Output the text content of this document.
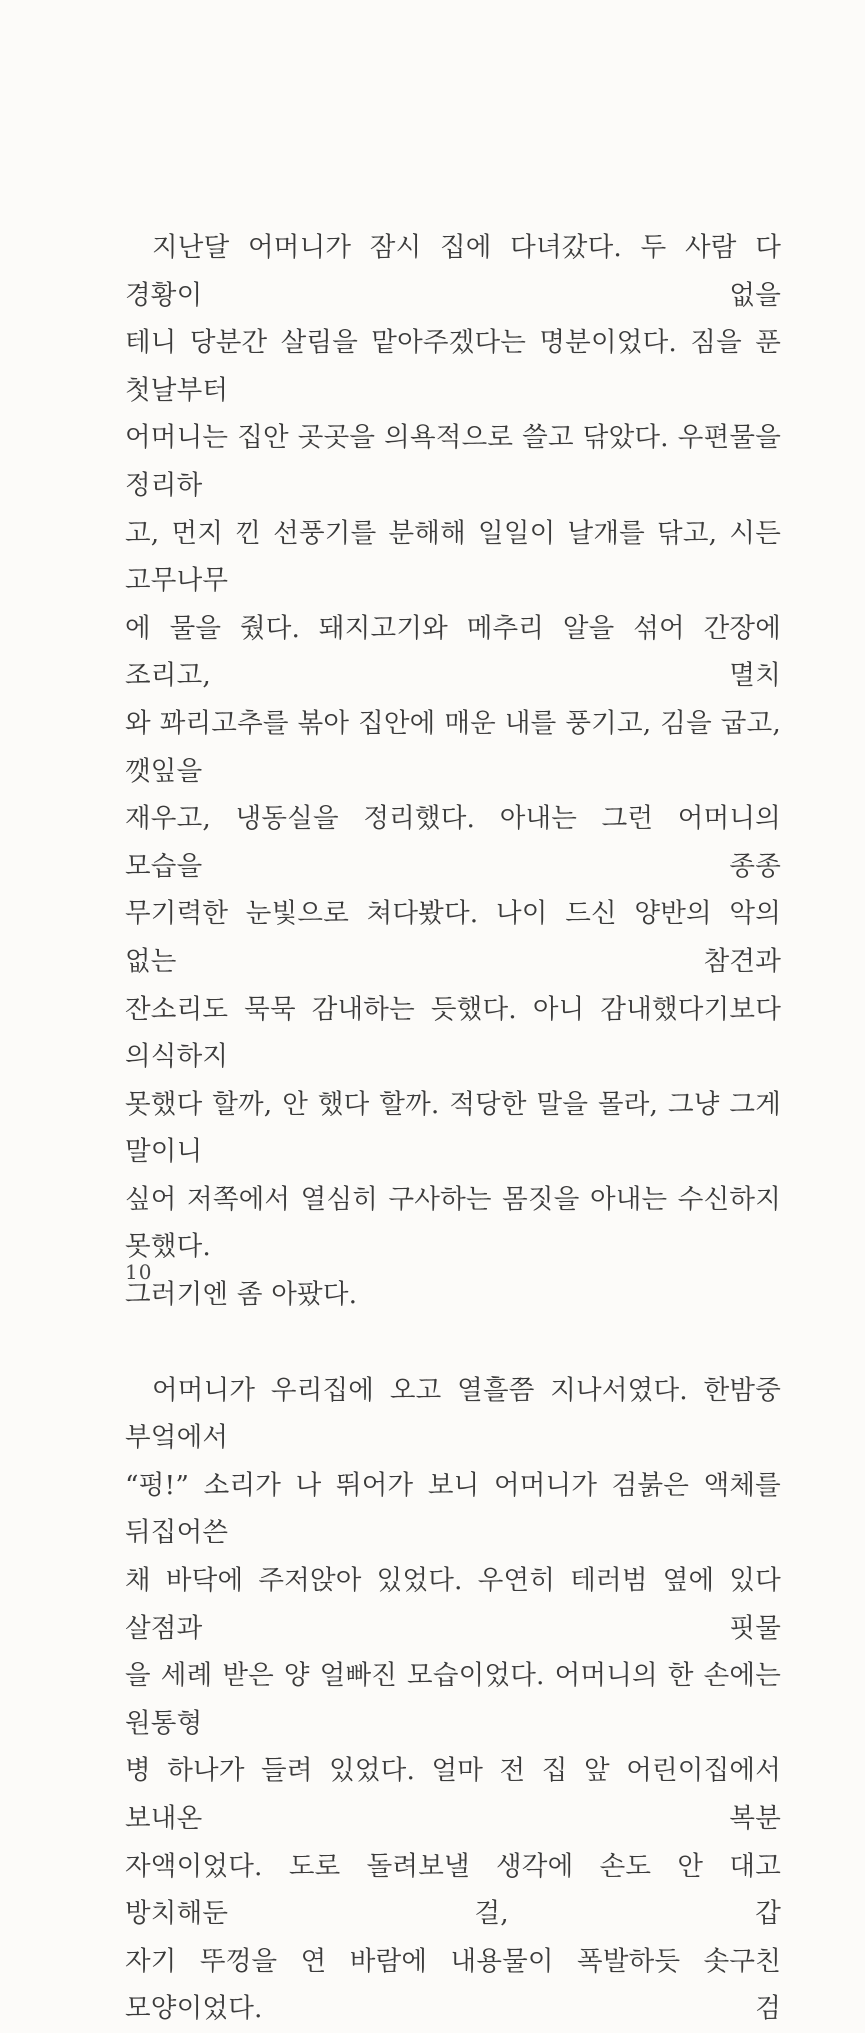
지난달 어머니가 잠시 집에 다녀갔다. 두 사람 다 경황이 없을
테니 당분간 살림을 맡아주겠다는 명분이었다. 짐을 푼 첫날부터
어머니는 집안 곳곳을 의욕적으로 쓸고 닦았다. 우편물을 정리하
고, 먼지 낀 선풍기를 분해해 일일이 날개를 닦고, 시든 고무나무
에 물을 줬다. 돼지고기와 메추리 알을 섞어 간장에 조리고, 멸치
와 꽈리고추를 볶아 집안에 매운 내를 풍기고, 김을 굽고, 깻잎을
재우고, 냉동실을 정리했다. 아내는 그런 어머니의 모습을 종종
무기력한 눈빛으로 쳐다봤다. 나이 드신 양반의 악의 없는 참견과
잔소리도 묵묵 감내하는 듯했다. 아니 감내했다기보다 의식하지
못했다 할까, 안 했다 할까. 적당한 말을 몰라, 그냥 그게 말이니
싶어 저쪽에서 열심히 구사하는 몸짓을 아내는 수신하지 못했다.
그러기엔 좀 아팠다.
어머니가 우리집에 오고 열흘쯤 지나서였다. 한밤중 부엌에서
“펑!” 소리가 나 뛰어가 보니 어머니가 검붉은 액체를 뒤집어쓴
채 바닥에 주저앉아 있었다. 우연히 테러범 옆에 있다 살점과 핏물
을 세례 받은 양 얼빠진 모습이었다. 어머니의 한 손에는 원통형
병 하나가 들려 있었다. 얼마 전 집 앞 어린이집에서 보내온 복분
자액이었다. 도로 돌려보낼 생각에 손도 안 대고 방치해둔 걸, 갑
자기 뚜껑을 연 바람에 내용물이 폭발하듯 솟구친 모양이었다. 검
10
